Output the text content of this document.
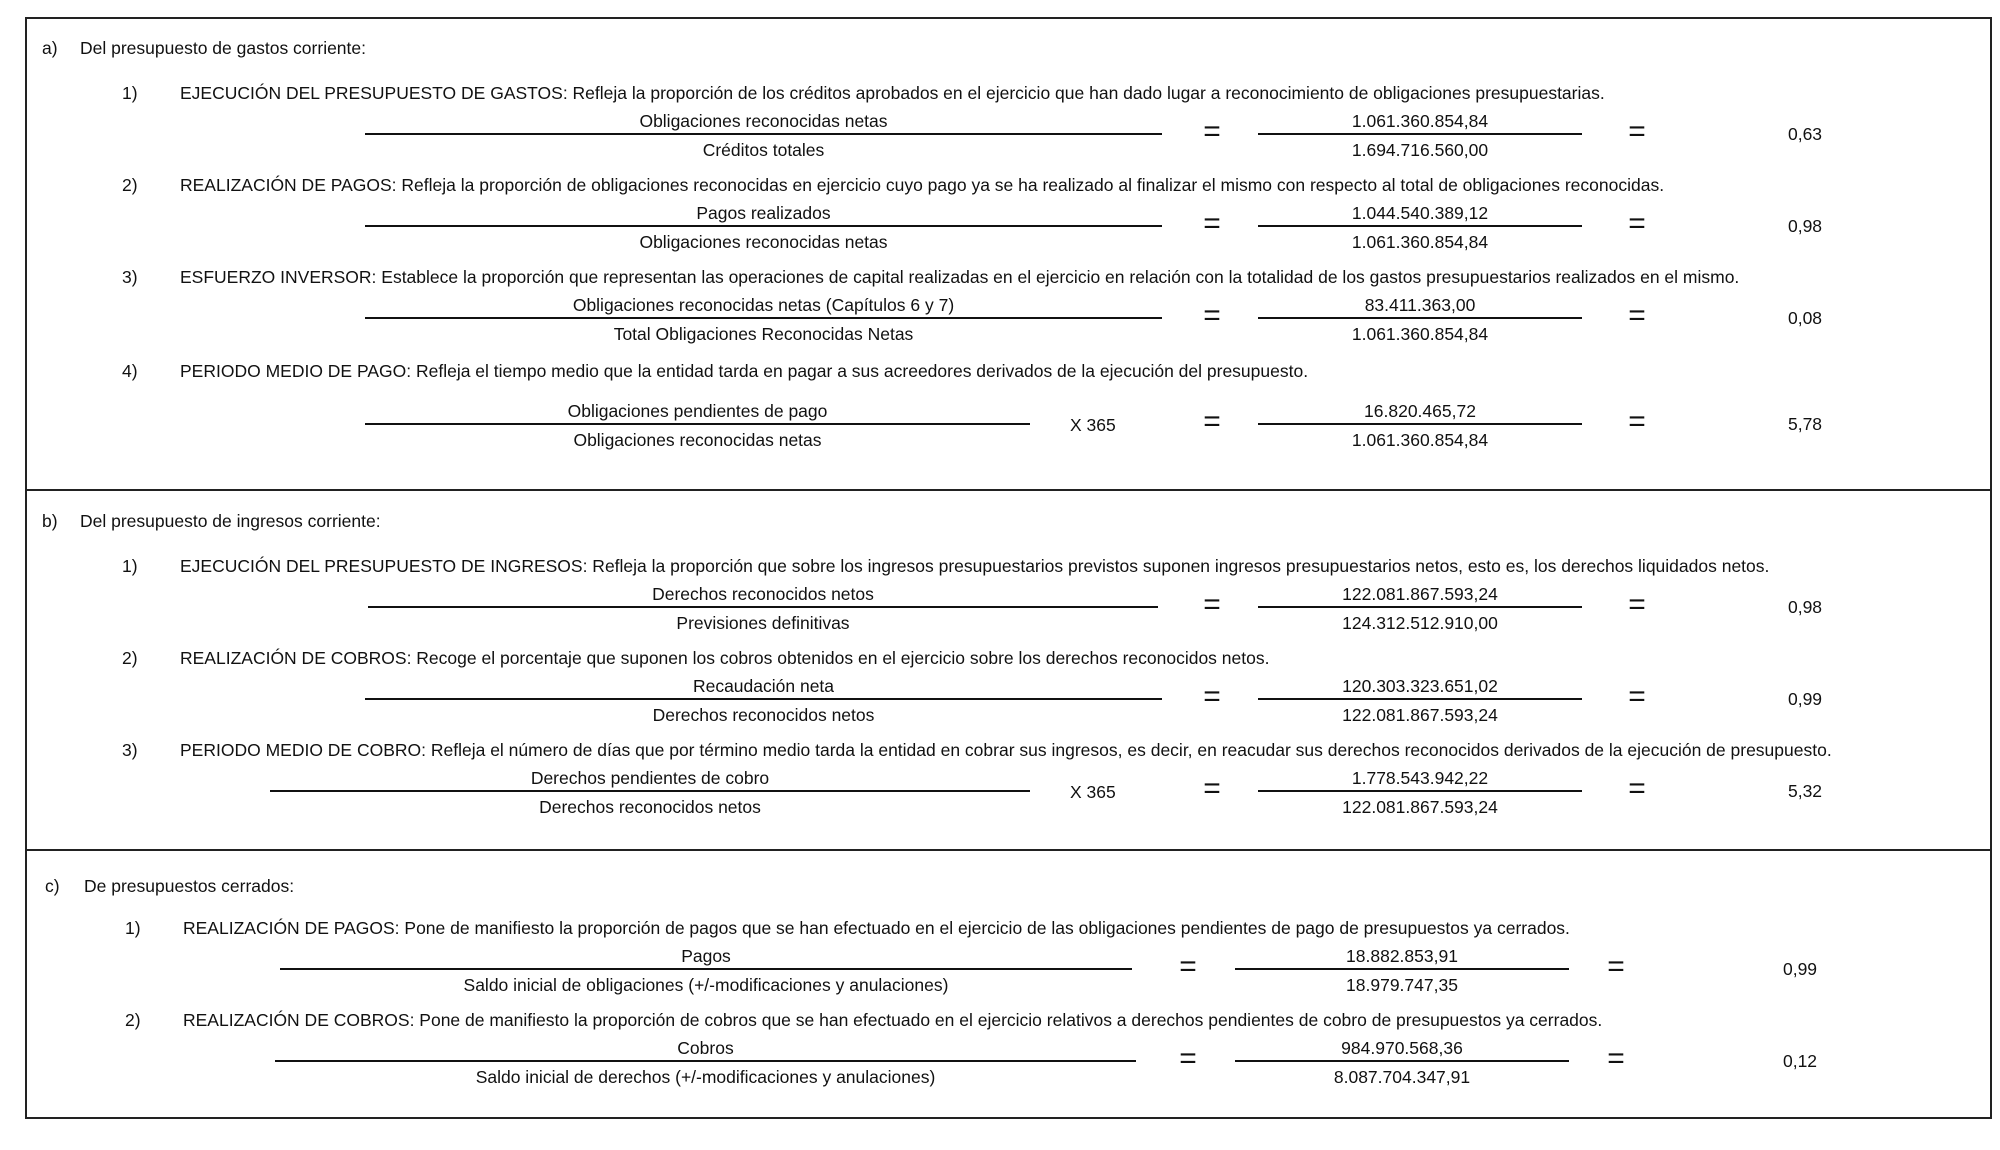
a) Del presupuesto de gastos corriente:
1) EJECUCIÓN DEL PRESUPUESTO DE GASTOS: Refleja la proporción de los créditos aprobados en el ejercicio que han dado lugar a reconocimiento de obligaciones presupuestarias.
Obligaciones reconocidas netas
Créditos totales
=	1.061.360.854,84
1.694.716.560,00
=	0,63
2) REALIZACIÓN DE PAGOS: Refleja la proporción de obligaciones reconocidas en ejercicio cuyo pago ya se ha realizado al finalizar el mismo con respecto al total de obligaciones reconocidas.
Pagos realizados
Obligaciones reconocidas netas
=	1.044.540.389,12
1.061.360.854,84
=	0,98
3) ESFUERZO INVERSOR: Establece la proporción que representan las operaciones de capital realizadas en el ejercicio en relación con la totalidad de los gastos presupuestarios realizados en el mismo.
Obligaciones reconocidas netas (Capítulos 6 y 7)
Total Obligaciones Reconocidas Netas
=	83.411.363,00
1.061.360.854,84
=	0,08
4) PERIODO MEDIO DE PAGO: Refleja el tiempo medio que la entidad tarda en pagar a sus acreedores derivados de la ejecución del presupuesto.
Obligaciones pendientes de pago
Obligaciones reconocidas netas
X 365	=	16.820.465,72
1.061.360.854,84
=	5,78
b) Del presupuesto de ingresos corriente:
1) EJECUCIÓN DEL PRESUPUESTO DE INGRESOS: Refleja la proporción que sobre los ingresos presupuestarios previstos suponen ingresos presupuestarios netos, esto es, los derechos liquidados netos.
Derechos reconocidos netos
Previsiones definitivas
=	122.081.867.593,24
124.312.512.910,00
=	0,98
2) REALIZACIÓN DE COBROS: Recoge el porcentaje que suponen los cobros obtenidos en el ejercicio sobre los derechos reconocidos netos.
Recaudación neta
Derechos reconocidos netos
=	120.303.323.651,02
122.081.867.593,24
=	0,99
3) PERIODO MEDIO DE COBRO: Refleja el número de días que por término medio tarda la entidad en cobrar sus ingresos, es decir, en reacudar sus derechos reconocidos derivados de la ejecución de presupuesto.
Derechos pendientes de cobro
Derechos reconocidos netos
X 365	=	1.778.543.942,22
122.081.867.593,24
=	5,32
c) De presupuestos cerrados:
1) REALIZACIÓN DE PAGOS: Pone de manifiesto la proporción de pagos que se han efectuado en el ejercicio de las obligaciones pendientes de pago de presupuestos ya cerrados.
Pagos
Saldo inicial de obligaciones (+/-modificaciones y anulaciones)
=	18.882.853,91
18.979.747,35
=	0,99
2) REALIZACIÓN DE COBROS: Pone de manifiesto la proporción de cobros que se han efectuado en el ejercicio relativos a derechos pendientes de cobro de presupuestos ya cerrados.
Cobros
Saldo inicial de derechos (+/-modificaciones y anulaciones)
=	984.970.568,36
8.087.704.347,91
=	0,12
